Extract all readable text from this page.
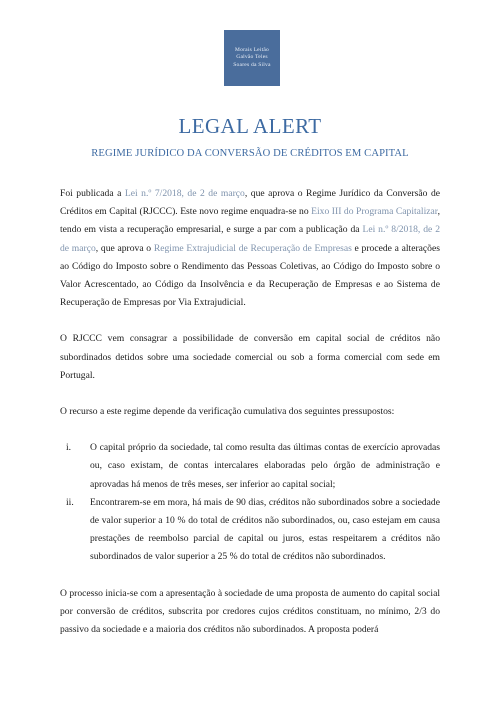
Morais Leitão
Galvão Teles
Soares da Silva
LEGAL ALERT
REGIME JURÍDICO DA CONVERSÃO DE CRÉDITOS EM CAPITAL

Foi publicada a Lei n.º 7/2018, de 2 de março, que aprova o Regime Jurídico da Conversão de Créditos em Capital (RJCCC). Este novo regime enquadra-se no Eixo III do Programa Capitalizar, tendo em vista a recuperação empresarial, e surge a par com a publicação da Lei n.º 8/2018, de 2 de março, que aprova o Regime Extrajudicial de Recuperação de Empresas e procede a alterações ao Código do Imposto sobre o Rendimento das Pessoas Coletivas, ao Código do Imposto sobre o Valor Acrescentado, ao Código da Insolvência e da Recuperação de Empresas e ao Sistema de Recuperação de Empresas por Via Extrajudicial.

O RJCCC vem consagrar a possibilidade de conversão em capital social de créditos não subordinados detidos sobre uma sociedade comercial ou sob a forma comercial com sede em Portugal.

O recurso a este regime depende da verificação cumulativa dos seguintes pressupostos:

i. O capital próprio da sociedade, tal como resulta das últimas contas de exercício aprovadas ou, caso existam, de contas intercalares elaboradas pelo órgão de administração e aprovadas há menos de três meses, ser inferior ao capital social;
ii. Encontrarem-se em mora, há mais de 90 dias, créditos não subordinados sobre a sociedade de valor superior a 10 % do total de créditos não subordinados, ou, caso estejam em causa prestações de reembolso parcial de capital ou juros, estas respeitarem a créditos não subordinados de valor superior a 25 % do total de créditos não subordinados.

O processo inicia-se com a apresentação à sociedade de uma proposta de aumento do capital social por conversão de créditos, subscrita por credores cujos créditos constituam, no mínimo, 2/3 do passivo da sociedade e a maioria dos créditos não subordinados. A proposta poderá
